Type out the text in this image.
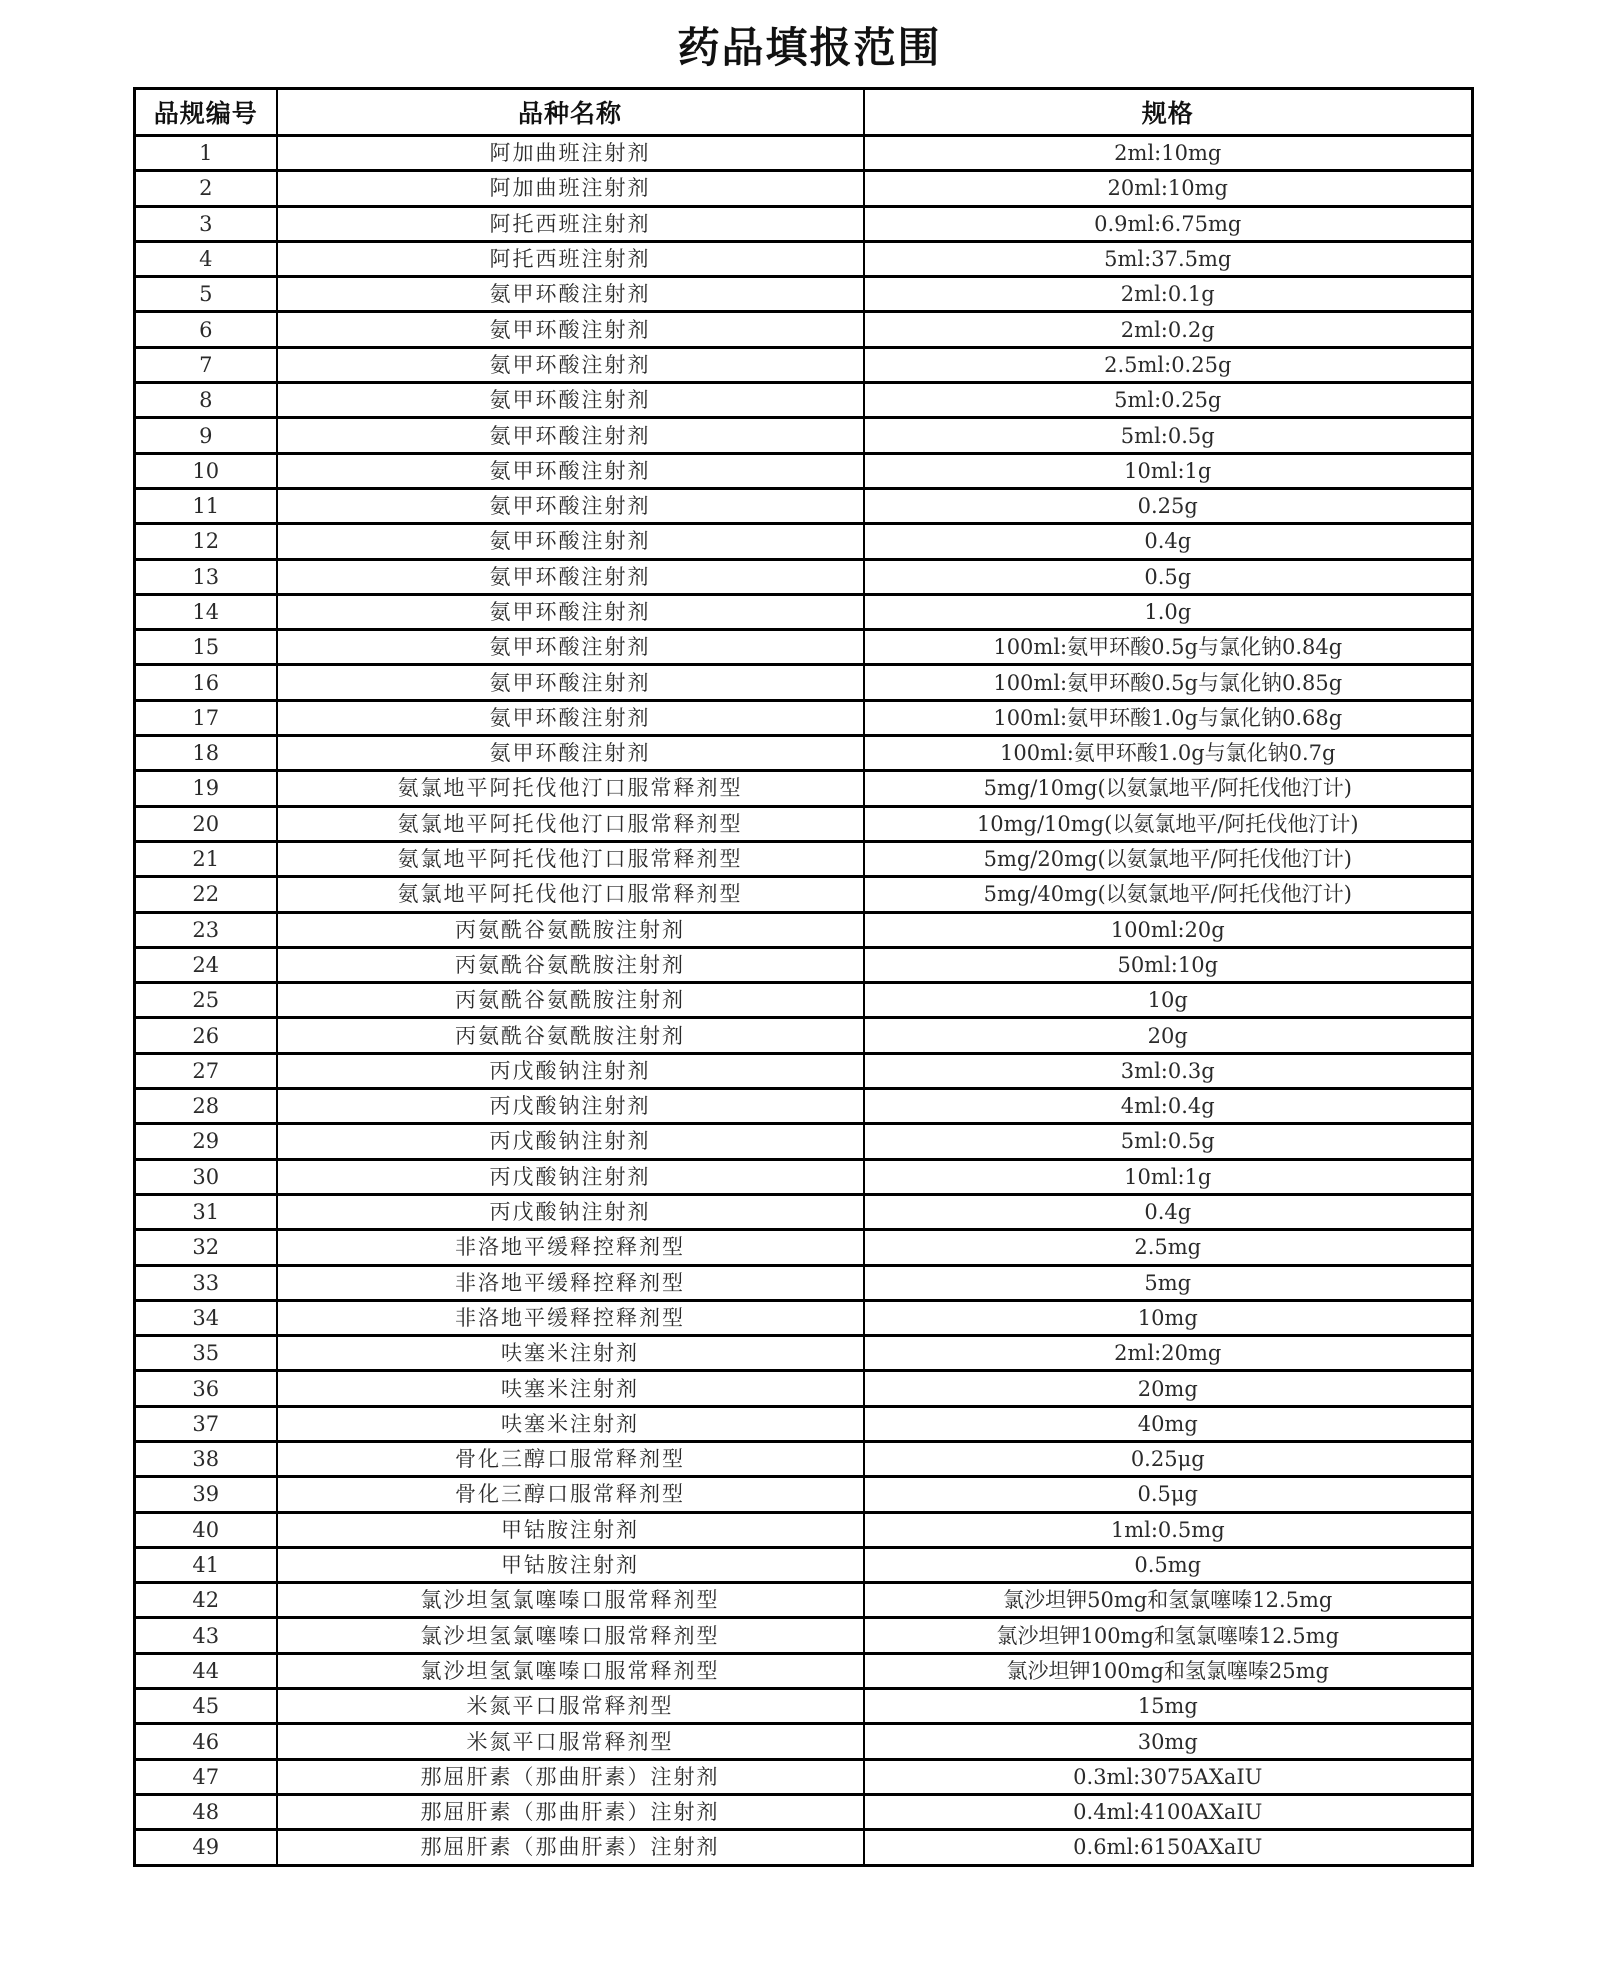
药品填报范围
品规编号	品种名称	规格
1	阿加曲班注射剂	2ml:10mg
2	阿加曲班注射剂	20ml:10mg
3	阿托西班注射剂	0.9ml:6.75mg
4	阿托西班注射剂	5ml:37.5mg
5	氨甲环酸注射剂	2ml:0.1g
6	氨甲环酸注射剂	2ml:0.2g
7	氨甲环酸注射剂	2.5ml:0.25g
8	氨甲环酸注射剂	5ml:0.25g
9	氨甲环酸注射剂	5ml:0.5g
10	氨甲环酸注射剂	10ml:1g
11	氨甲环酸注射剂	0.25g
12	氨甲环酸注射剂	0.4g
13	氨甲环酸注射剂	0.5g
14	氨甲环酸注射剂	1.0g
15	氨甲环酸注射剂	100ml:氨甲环酸0.5g与氯化钠0.84g
16	氨甲环酸注射剂	100ml:氨甲环酸0.5g与氯化钠0.85g
17	氨甲环酸注射剂	100ml:氨甲环酸1.0g与氯化钠0.68g
18	氨甲环酸注射剂	100ml:氨甲环酸1.0g与氯化钠0.7g
19	氨氯地平阿托伐他汀口服常释剂型	5mg/10mg(以氨氯地平/阿托伐他汀计)
20	氨氯地平阿托伐他汀口服常释剂型	10mg/10mg(以氨氯地平/阿托伐他汀计)
21	氨氯地平阿托伐他汀口服常释剂型	5mg/20mg(以氨氯地平/阿托伐他汀计)
22	氨氯地平阿托伐他汀口服常释剂型	5mg/40mg(以氨氯地平/阿托伐他汀计)
23	丙氨酰谷氨酰胺注射剂	100ml:20g
24	丙氨酰谷氨酰胺注射剂	50ml:10g
25	丙氨酰谷氨酰胺注射剂	10g
26	丙氨酰谷氨酰胺注射剂	20g
27	丙戊酸钠注射剂	3ml:0.3g
28	丙戊酸钠注射剂	4ml:0.4g
29	丙戊酸钠注射剂	5ml:0.5g
30	丙戊酸钠注射剂	10ml:1g
31	丙戊酸钠注射剂	0.4g
32	非洛地平缓释控释剂型	2.5mg
33	非洛地平缓释控释剂型	5mg
34	非洛地平缓释控释剂型	10mg
35	呋塞米注射剂	2ml:20mg
36	呋塞米注射剂	20mg
37	呋塞米注射剂	40mg
38	骨化三醇口服常释剂型	0.25μg
39	骨化三醇口服常释剂型	0.5μg
40	甲钴胺注射剂	1ml:0.5mg
41	甲钴胺注射剂	0.5mg
42	氯沙坦氢氯噻嗪口服常释剂型	氯沙坦钾50mg和氢氯噻嗪12.5mg
43	氯沙坦氢氯噻嗪口服常释剂型	氯沙坦钾100mg和氢氯噻嗪12.5mg
44	氯沙坦氢氯噻嗪口服常释剂型	氯沙坦钾100mg和氢氯噻嗪25mg
45	米氮平口服常释剂型	15mg
46	米氮平口服常释剂型	30mg
47	那屈肝素（那曲肝素）注射剂	0.3ml:3075AXaIU
48	那屈肝素（那曲肝素）注射剂	0.4ml:4100AXaIU
49	那屈肝素（那曲肝素）注射剂	0.6ml:6150AXaIU
